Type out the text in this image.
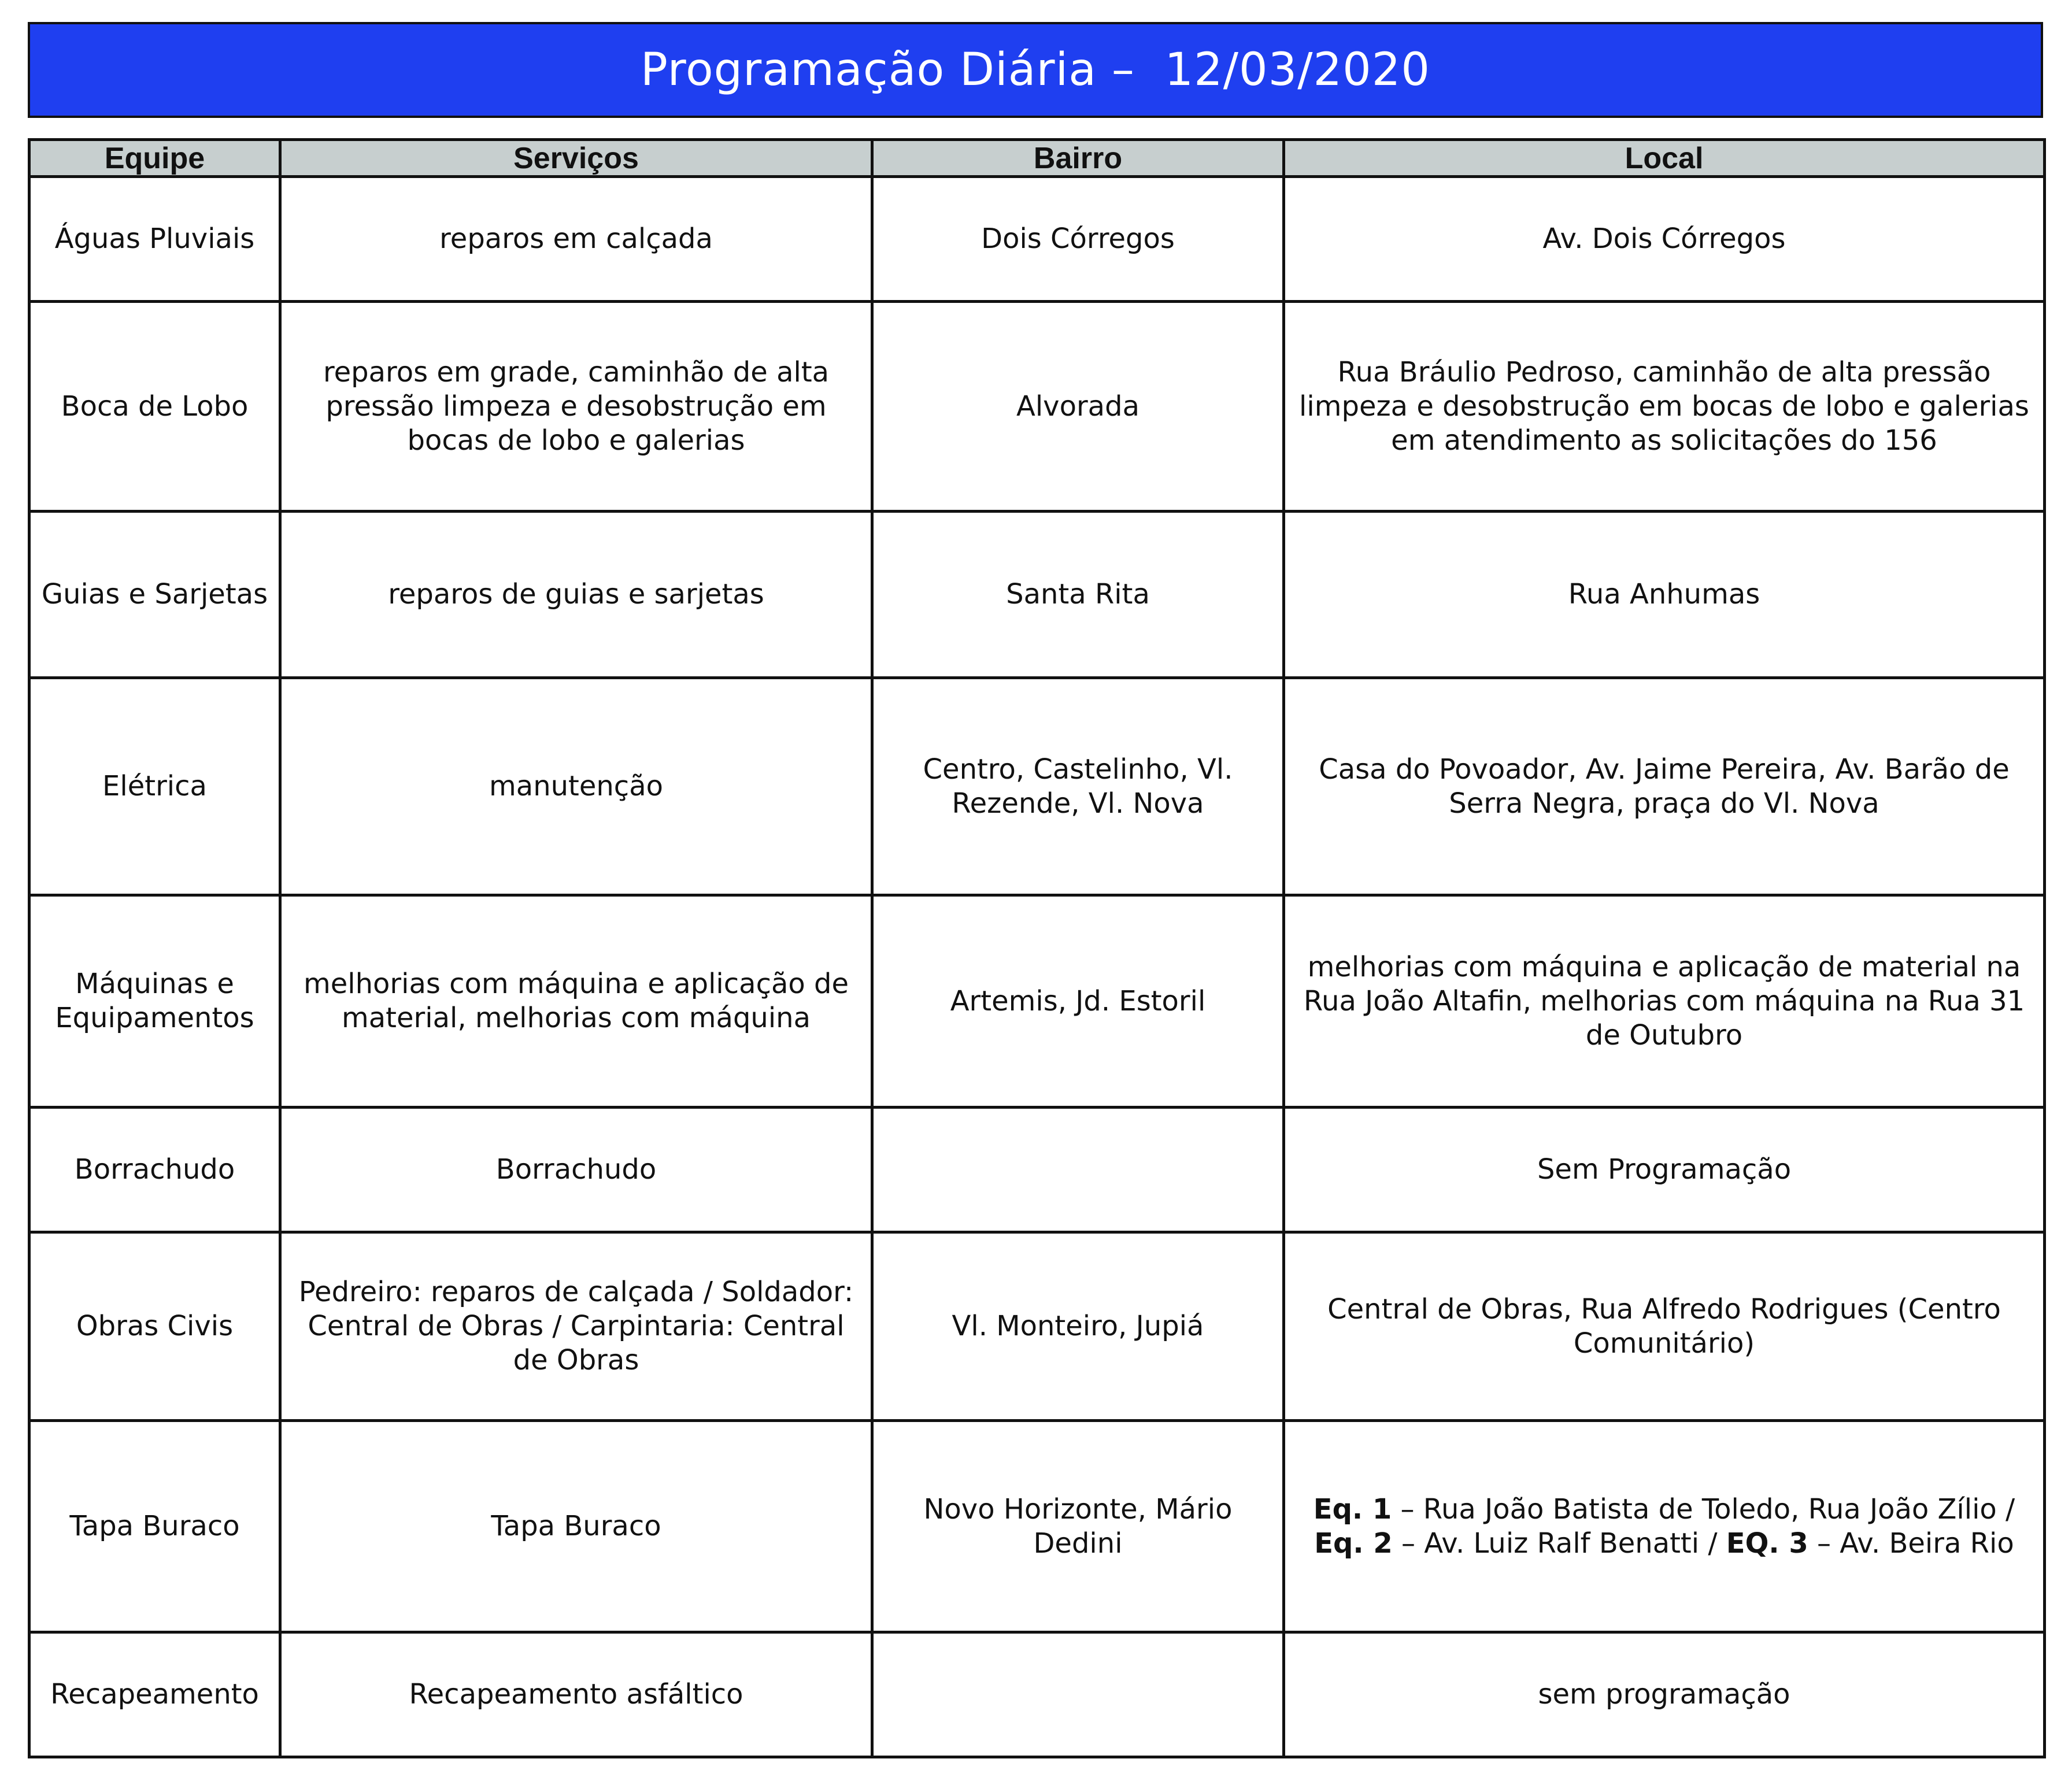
Programação Diária – 12/03/2020
Equipe	Serviços	Bairro	Local
Águas Pluviais	reparos em calçada	Dois Córregos	Av. Dois Córregos
Boca de Lobo	reparos em grade, caminhão de alta pressão limpeza e desobstrução em bocas de lobo e galerias	Alvorada	Rua Bráulio Pedroso, caminhão de alta pressão limpeza e desobstrução em bocas de lobo e galerias em atendimento as solicitações do 156
Guias e Sarjetas	reparos de guias e sarjetas	Santa Rita	Rua Anhumas
Elétrica	manutenção	Centro, Castelinho, Vl. Rezende, Vl. Nova	Casa do Povoador, Av. Jaime Pereira, Av. Barão de Serra Negra, praça do Vl. Nova
Máquinas e Equipamentos	melhorias com máquina e aplicação de material, melhorias com máquina	Artemis, Jd. Estoril	melhorias com máquina e aplicação de material na Rua João Altafin, melhorias com máquina na Rua 31 de Outubro
Borrachudo	Borrachudo		Sem Programação
Obras Civis	Pedreiro: reparos de calçada / Soldador: Central de Obras / Carpintaria: Central de Obras	Vl. Monteiro, Jupiá	Central de Obras, Rua Alfredo Rodrigues (Centro Comunitário)
Tapa Buraco	Tapa Buraco	Novo Horizonte, Mário Dedini	Eq. 1 – Rua João Batista de Toledo, Rua João Zílio / Eq. 2 – Av. Luiz Ralf Benatti / EQ. 3 – Av. Beira Rio
Recapeamento	Recapeamento asfáltico		sem programação
